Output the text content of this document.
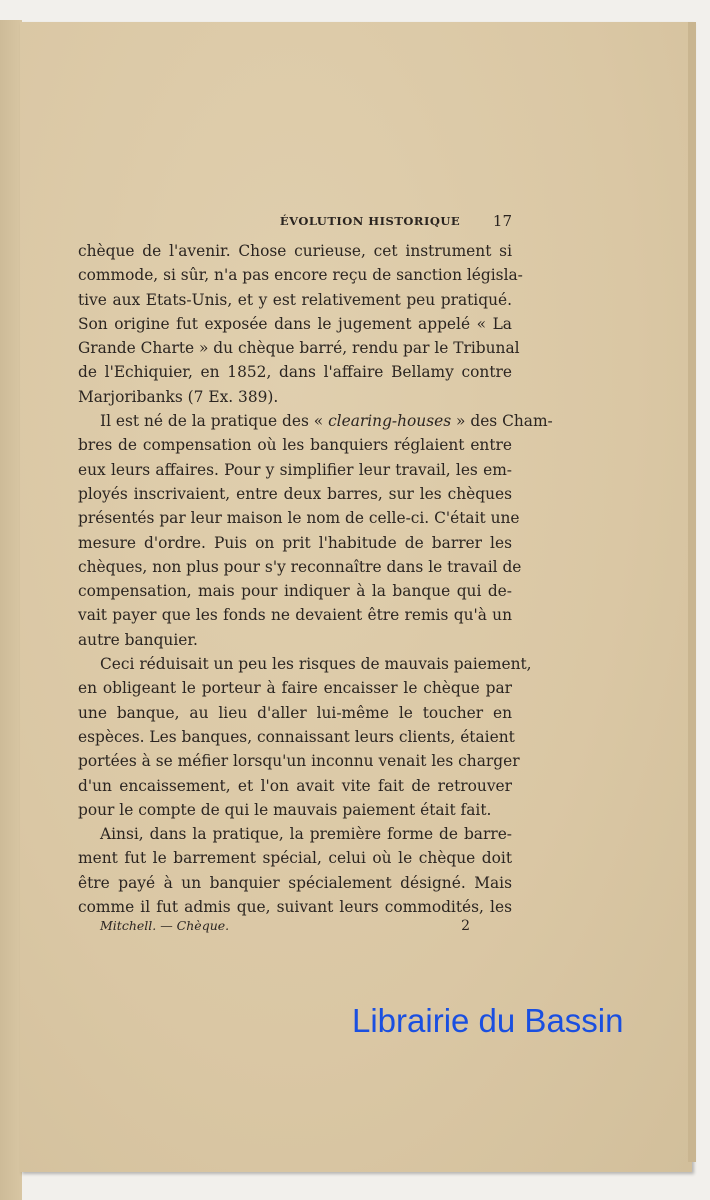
ÉVOLUTION HISTORIQUE	17
chèque de l'avenir. Chose curieuse, cet instrument si
commode, si sûr, n'a pas encore reçu de sanction législa-
tive aux Etats-Unis, et y est relativement peu pratiqué.
Son origine fut exposée dans le jugement appelé « La
Grande Charte » du chèque barré, rendu par le Tribunal
de l'Echiquier, en 1852, dans l'affaire Bellamy contre
Marjoribanks (7 Ex. 389).
Il est né de la pratique des « clearing-houses » des Cham-
bres de compensation où les banquiers réglaient entre
eux leurs affaires. Pour y simplifier leur travail, les em-
ployés inscrivaient, entre deux barres, sur les chèques
présentés par leur maison le nom de celle-ci. C'était une
mesure d'ordre. Puis on prit l'habitude de barrer les
chèques, non plus pour s'y reconnaître dans le travail de
compensation, mais pour indiquer à la banque qui de-
vait payer que les fonds ne devaient être remis qu'à un
autre banquier.
Ceci réduisait un peu les risques de mauvais paiement,
en obligeant le porteur à faire encaisser le chèque par
une banque, au lieu d'aller lui-même le toucher en
espèces. Les banques, connaissant leurs clients, étaient
portées à se méfier lorsqu'un inconnu venait les charger
d'un encaissement, et l'on avait vite fait de retrouver
pour le compte de qui le mauvais paiement était fait.
Ainsi, dans la pratique, la première forme de barre-
ment fut le barrement spécial, celui où le chèque doit
être payé à un banquier spécialement désigné. Mais
comme il fut admis que, suivant leurs commodités, les
Mitchell. — Chèque.	2
Librairie du Bassin
